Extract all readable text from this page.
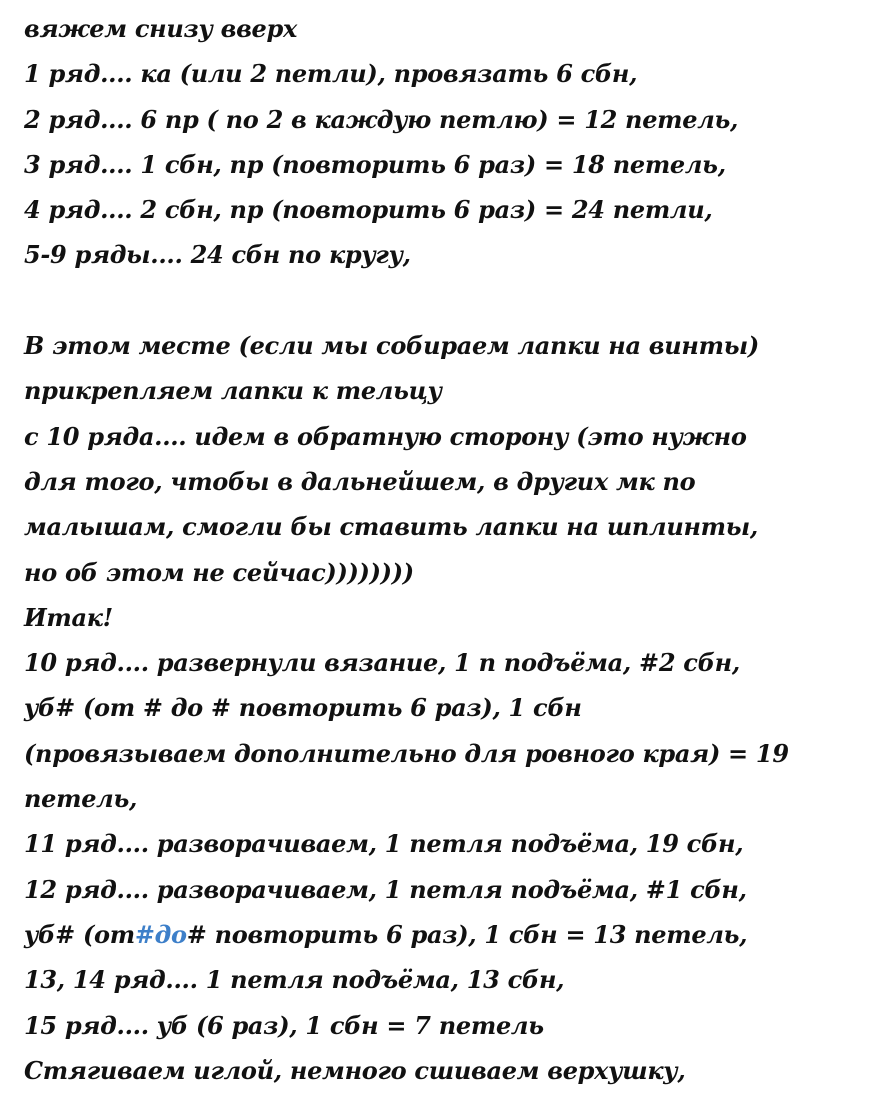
вяжем снизу вверх
1 ряд.... ка (или 2 петли), провязать 6 сбн,
2 ряд.... 6 пр ( по 2 в каждую петлю) = 12 петель,
3 ряд.... 1 сбн, пр (повторить 6 раз) = 18 петель,
4 ряд.... 2 сбн, пр (повторить 6 раз) = 24 петли,
5-9 ряды.... 24 сбн по кругу,
В этом месте (если мы собираем лапки на винты)
прикрепляем лапки к тельцу
с 10 ряда.... идем в обратную сторону (это нужно
для того, чтобы в дальнейшем, в других мк по
малышам, смогли бы ставить лапки на шплинты,
но об этом не сейчас))))))))
Итак!
10 ряд.... развернули вязание, 1 п подъёма, #2 сбн,
уб# (от # до # повторить 6 раз), 1 сбн
(провязываем дополнительно для ровного края) = 19
петель,
11 ряд.... разворачиваем, 1 петля подъёма, 19 сбн,
12 ряд.... разворачиваем, 1 петля подъёма, #1 сбн,
уб# (от#до# повторить 6 раз), 1 сбн = 13 петель,
13, 14 ряд.... 1 петля подъёма, 13 сбн,
15 ряд.... уб (6 раз), 1 сбн = 7 петель
Стягиваем иглой, немного сшиваем верхушку,
